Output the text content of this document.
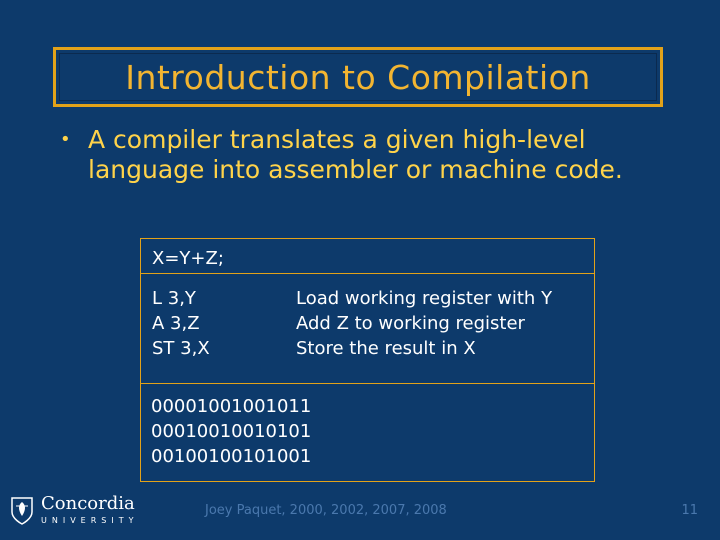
Introduction to Compilation
• A compiler translates a given high-level language into assembler or machine code.
X=Y+Z;
L 3,Y
A 3,Z
ST 3,X
Load working register with Y
Add Z to working register
Store the result in X
00001001001011
00010010010101
00100100101001
Concordia
UNIVERSITY
Joey Paquet, 2000, 2002, 2007, 2008	11
